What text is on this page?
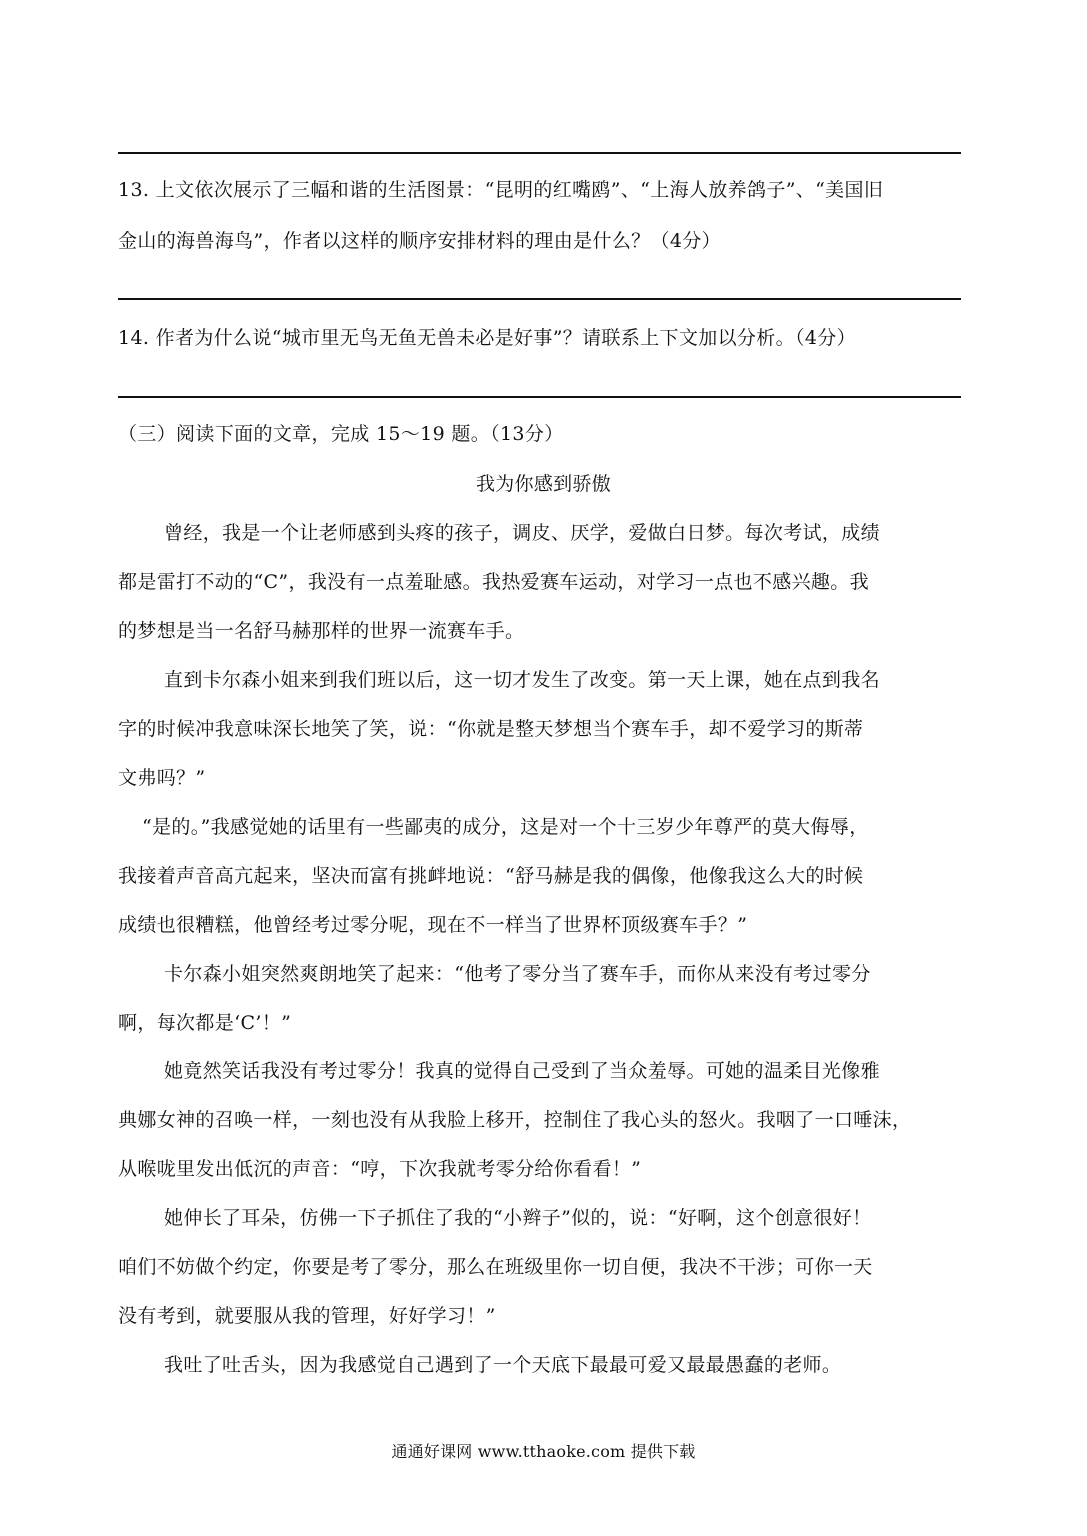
13. 上文依次展示了三幅和谐的生活图景：“昆明的红嘴鸥”、“上海人放养鸽子”、“美国旧
金山的海兽海鸟”，作者以这样的顺序安排材料的理由是什么？（4分）
14. 作者为什么说“城市里无鸟无鱼无兽未必是好事”？请联系上下文加以分析。（4分）
（三）阅读下面的文章，完成 15～19 题。（13分）
我为你感到骄傲
曾经，我是一个让老师感到头疼的孩子，调皮、厌学，爱做白日梦。每次考试，成绩
都是雷打不动的“C”，我没有一点羞耻感。我热爱赛车运动，对学习一点也不感兴趣。我
的梦想是当一名舒马赫那样的世界一流赛车手。
直到卡尔森小姐来到我们班以后，这一切才发生了改变。第一天上课，她在点到我名
字的时候冲我意味深长地笑了笑，说：“你就是整天梦想当个赛车手，却不爱学习的斯蒂
文弗吗？”
“是的。”我感觉她的话里有一些鄙夷的成分，这是对一个十三岁少年尊严的莫大侮辱，
我接着声音高亢起来，坚决而富有挑衅地说：“舒马赫是我的偶像，他像我这么大的时候
成绩也很糟糕，他曾经考过零分呢，现在不一样当了世界杯顶级赛车手？”
卡尔森小姐突然爽朗地笑了起来：“他考了零分当了赛车手，而你从来没有考过零分
啊，每次都是‘C’！”
她竟然笑话我没有考过零分！我真的觉得自己受到了当众羞辱。可她的温柔目光像雅
典娜女神的召唤一样，一刻也没有从我脸上移开，控制住了我心头的怒火。我咽了一口唾沫，
从喉咙里发出低沉的声音：“哼，下次我就考零分给你看看！”
她伸长了耳朵，仿佛一下子抓住了我的“小辫子”似的，说：“好啊，这个创意很好！
咱们不妨做个约定，你要是考了零分，那么在班级里你一切自便，我决不干涉；可你一天
没有考到，就要服从我的管理，好好学习！”
我吐了吐舌头，因为我感觉自己遇到了一个天底下最最可爱又最最愚蠢的老师。
通通好课网 www.tthaoke.com 提供下载
